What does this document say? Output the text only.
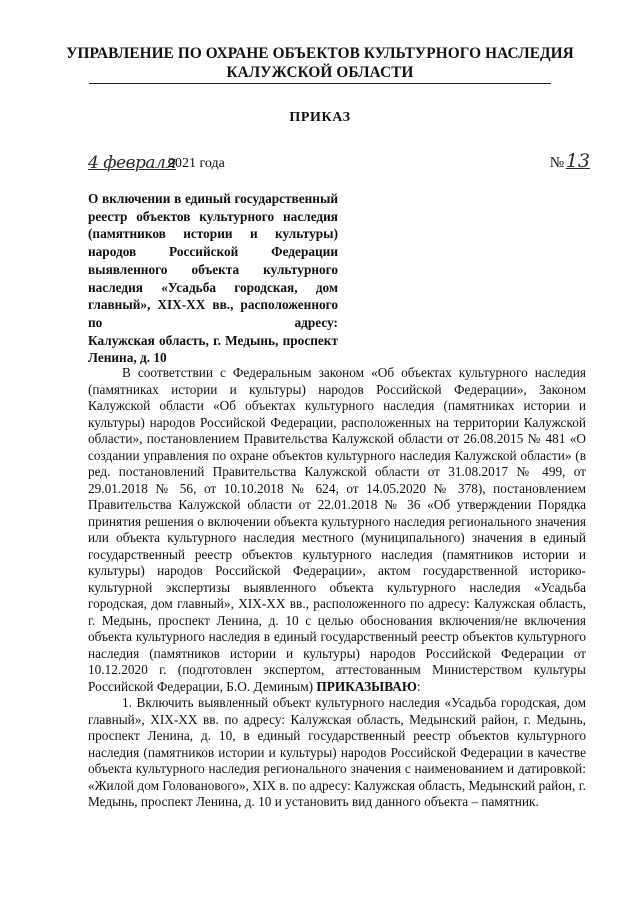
УПРАВЛЕНИЕ ПО ОХРАНЕ ОБЪЕКТОВ КУЛЬТУРНОГО НАСЛЕДИЯ
КАЛУЖСКОЙ ОБЛАСТИ
ПРИКАЗ
4 февраля
2021 года	№ 13
О включении в единый государственный реестр объектов культурного наследия (памятников истории и культуры) народов Российской Федерации выявленного объекта культурного наследия «Усадьба городская, дом главный», XIX-XX вв., расположенного по адресу:
Калужская область, г. Медынь, проспект Ленина, д. 10

В соответствии с Федеральным законом «Об объектах культурного наследия (памятниках истории и культуры) народов Российской Федерации», Законом Калужской области «Об объектах культурного наследия (памятниках истории и культуры) народов Российской Федерации, расположенных на территории Калужской области», постановлением Правительства Калужской области от 26.08.2015 № 481 «О создании управления по охране объектов культурного наследия Калужской области» (в ред. постановлений Правительства Калужской области от 31.08.2017 № 499, от 29.01.2018 № 56, от 10.10.2018 № 624, от 14.05.2020 № 378), постановлением Правительства Калужской области от 22.01.2018 № 36 «Об утверждении Порядка принятия решения о включении объекта культурного наследия регионального значения или объекта культурного наследия местного (муниципального) значения в единый государственный реестр объектов культурного наследия (памятников истории и культуры) народов Российской Федерации», актом государственной историко-культурной экспертизы выявленного объекта культурного наследия «Усадьба городская, дом главный», XIX-XX вв., расположенного по адресу: Калужская область, г. Медынь, проспект Ленина, д. 10 с целью обоснования включения/не включения объекта культурного наследия в единый государственный реестр объектов культурного наследия (памятников истории и культуры) народов Российской Федерации от 10.12.2020 г. (подготовлен экспертом, аттестованным Министерством культуры Российской Федерации, Б.О. Деминым) ПРИКАЗЫВАЮ:

1. Включить выявленный объект культурного наследия «Усадьба городская, дом главный», XIX-XX вв. по адресу: Калужская область, Медынский район, г. Медынь, проспект Ленина, д. 10, в единый государственный реестр объектов культурного наследия (памятников истории и культуры) народов Российской Федерации в качестве объекта культурного наследия регионального значения с наименованием и датировкой: «Жилой дом Голованового», XIX в. по адресу: Калужская область, Медынский район, г. Медынь, проспект Ленина, д. 10 и установить вид данного объекта – памятник.
